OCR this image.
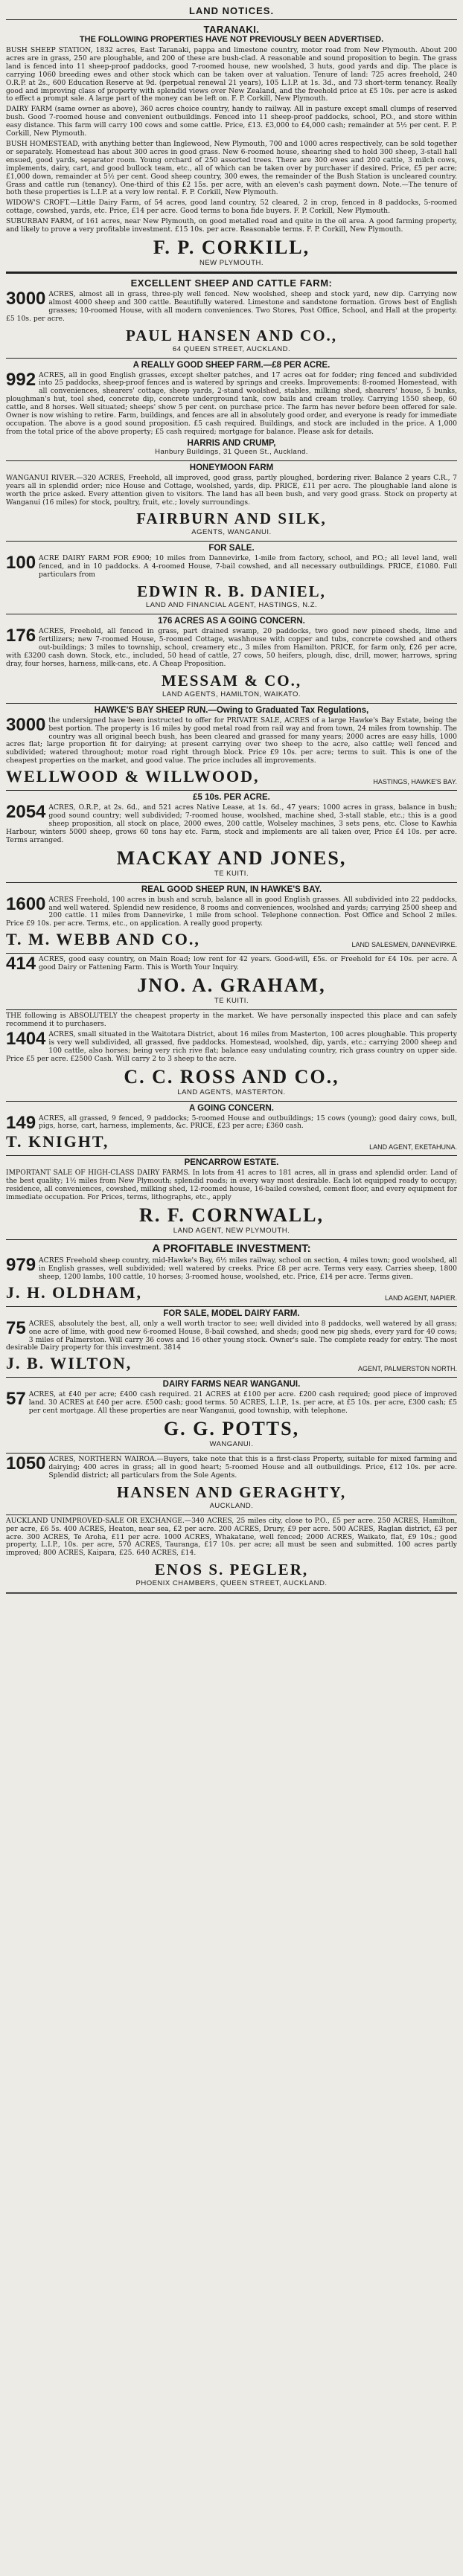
LAND NOTICES.
TARANAKI.
THE FOLLOWING PROPERTIES HAVE NOT PREVIOUSLY BEEN ADVERTISED.

BUSH SHEEP STATION, 1832 acres, East Taranaki, pappa and limestone country, motor road from New Plymouth. About 200 acres are in grass, 250 are ploughable, and 200 of these are bush-clad. A reasonable and sound proposition to begin. The grass land is fenced into 11 sheep-proof paddocks, good 7-roomed house, new woolshed, 3 huts, good yards and dip. The place is carrying 1060 breeding ewes and other stock which can be taken over at valuation. Tenure of land: 725 acres freehold, 240 O.R.P. at 2s., 600 Education Reserve at 9d. (perpetual renewal 21 years), 105 L.I.P. at 1s. 3d., and 73 short-term tenancy. Really good and improving class of property with splendid views over New Zealand, and the freehold price at £5 10s. per acre is asked to effect a prompt sale. A large part of the money can be left on. F. P. Corkill, New Plymouth.

DAIRY FARM (same owner as above), 360 acres choice country, handy to railway. All in pasture except small clumps of reserved bush. Good 7-roomed house and convenient outbuildings. Fenced into 11 sheep-proof paddocks, school, P.O., and store within easy distance. This farm will carry 100 cows and some cattle. Price, £13. £3,000 to £4,000 cash; remainder at 5½ per cent. F. P. Corkill, New Plymouth.

BUSH HOMESTEAD, with anything better than Inglewood, New Plymouth, 700 and 1000 acres respectively, can be sold together or separately. Homestead has about 300 acres in good grass. New 6-roomed house, shearing shed to hold 300 sheep, 3-stall hall ensued, good yards, separator room. Young orchard of 250 assorted trees. There are 300 ewes and 200 cattle, 3 milch cows, implements, dairy, cart, and good bullock team, etc., all of which can be taken over by purchaser if desired. Price, £5 per acre; £1,000 down, remainder at 5½ per cent. Good sheep country, 300 ewes, the remainder of the Bush Station is uncleared country. Grass and cattle run (tenancy). One-third of this £2 15s. per acre, with an eleven's cash payment down. Note.—The tenure of both these properties is L.I.P. at a very low rental. F. P. Corkill, New Plymouth.

WIDOW'S CROFT.—Little Dairy Farm, of 54 acres, good land country, 52 cleared, 2 in crop, fenced in 8 paddocks, 5-roomed cottage, cowshed, yards, etc. Price, £14 per acre. Good terms to bona fide buyers. F. P. Corkill, New Plymouth.

SUBURBAN FARM, of 161 acres, near New Plymouth, on good metalled road and quite in the oil area. A good farming property, and likely to prove a very profitable investment. £15 10s. per acre. Reasonable terms. F. P. Corkill, New Plymouth.

F. P. CORKILL,
NEW PLYMOUTH.
EXCELLENT SHEEP AND CATTLE FARM:

3000 ACRES, almost all in grass, three-ply well fenced. New woolshed, sheep and stock yard, new dip. Carrying now almost 4000 sheep and 300 cattle. Beautifully watered. Limestone and sandstone formation. Grows best of English grasses; 10-roomed House, with all modern conveniences. Two Stores, Post Office, School, and Hall at the property. £5 10s. per acre.

PAUL HANSEN AND CO.,
64 QUEEN STREET, AUCKLAND.
A REALLY GOOD SHEEP FARM.—£8 PER ACRE.

992 ACRES, all in good English grasses, except shelter patches, and 17 acres oat for fodder; ring fenced and subdivided into 25 paddocks, sheep-proof fences and is watered by springs and creeks. Improvements: 8-roomed Homestead, with all conveniences, shearers' cottage, sheep yards, 2-stand woolshed, stables, milking shed, shearers' house, 5 bunks, ploughman's hut, tool shed, concrete dip, concrete underground tank, cow bails and cream trolley. Carrying 1550 sheep, 60 cattle, and 8 horses. Well situated; sheeps' show 5 per cent. on purchase price. The farm has never before been offered for sale. Owner is now wishing to retire. Farm, buildings, and fences are all in absolutely good order, and everyone is ready for immediate occupation. The above is a good sound proposition. £5 cash required. Buildings, and stock are included in the price. A 1,000 from the total price of the above property; £5 cash required; mortgage for balance. Please ask for details.

HARRIS AND CRUMP,
Hanbury Buildings, 31 Queen St., Auckland.
HONEYMOON FARM

WANGANUI RIVER.—320 ACRES, Freehold, all improved, good grass, partly ploughed, bordering river. Balance 2 years C.R., 7 years all in splendid order; nice House and Cottage, woolshed, yards, dip. PRICE, £11 per acre. The ploughable land alone is worth the price asked. Every attention given to visitors. The land has all been bush, and very good grass. Stock on property at Wanganui (16 miles) for stock, poultry, fruit, etc.; lovely surroundings.

FAIRBURN AND SILK,
AGENTS, WANGANUI.
FOR SALE.

100 ACRE DAIRY FARM FOR £900; 10 miles from Dannevirke, 1-mile from factory, school, and P.O.; all level land, well fenced, and in 10 paddocks. A 4-roomed House, 7-bail cowshed, and all necessary outbuildings. PRICE, £1080. Full particulars from

EDWIN R. B. DANIEL,
LAND AND FINANCIAL AGENT, HASTINGS, N.Z.
176 ACRES AS A GOING CONCERN.

176 ACRES, Freehold, all fenced in grass, part drained swamp, 20 paddocks, two good new pineed sheds, lime and fertilizers; new 7-roomed House, 5-roomed Cottage, washhouse with copper and tubs, concrete cowshed and others out-buildings; 3 miles to township, school, creamery etc., 3 miles from Hamilton. PRICE, for farm only, £26 per acre, with £3200 cash down. Stock, etc., included, 50 head of cattle, 27 cows, 50 heifers, plough, disc, drill, mower, harrows, spring dray, four horses, harness, milk-cans, etc. A Cheap Proposition.

MESSAM & CO.,
LAND AGENTS, HAMILTON, WAIKATO.
HAWKE'S BAY SHEEP RUN.—Owing to Graduated Tax Regulations,

3000 the undersigned have been instructed to offer for PRIVATE SALE, ACRES of a large Hawke's Bay Estate, being the best portion. The property is 16 miles by good metal road from rail way and from town, 24 miles from township. The country was all original beech bush, has been cleared and grassed for many years; 2000 acres are easy hills, 1000 acres flat; large proportion fit for dairying; at present carrying over two sheep to the acre, also cattle; well fenced and subdivided; watered throughout; motor road right through block. Price £9 10s. per acre; terms to suit. This is one of the cheapest properties on the market, and good value. The price includes all improvements.

WELLWOOD & WILLWOOD,	HASTINGS, HAWKE'S BAY.
£5 10s. PER ACRE.

2054 ACRES, O.R.P., at 2s. 6d., and 521 acres Native Lease, at 1s. 6d., 47 years; 1000 acres in grass, balance in bush; good sound country; well subdivided; 7-roomed house, woolshed, machine shed, 3-stall stable, etc.; this is a good sheep proposition, all stock on place, 2000 ewes, 200 cattle, Wolseley machines, 3 sets pens, etc. Close to Kawhia Harbour, winters 5000 sheep, grows 60 tons hay etc. Farm, stock and implements are all taken over, Price £4 10s. per acre. Terms arranged.

MACKAY AND JONES,
TE KUITI.
REAL GOOD SHEEP RUN, IN HAWKE'S BAY.

1600 ACRES Freehold, 100 acres in bush and scrub, balance all in good English grasses. All subdivided into 22 paddocks, and well watered. Splendid new residence, 8 rooms and conveniences, woolshed and yards; carrying 2500 sheep and 200 cattle. 11 miles from Dannevirke, 1 mile from school. Telephone connection. Post Office and School 2 miles. Price £9 10s. per acre. Terms, etc., on application. A really good property.

T. M. WEBB AND CO.,	LAND SALESMEN, DANNEVIRKE.

414 ACRES, good easy country, on Main Road; low rent for 42 years. Good-will, £5s. or Freehold for £4 10s. per acre. A good Dairy or Fattening Farm. This is Worth Your Inquiry.

JNO. A. GRAHAM,
TE KUITI.

THE following is ABSOLUTELY the cheapest property in the market. We have personally inspected this place and can safely recommend it to purchasers.

1404 ACRES, small situated in the Waitotara District, about 16 miles from Masterton, 100 acres ploughable. This property is very well subdivided, all grassed, five paddocks. Homestead, woolshed, dip, yards, etc.; carrying 2000 sheep and 100 cattle, also horses; being very rich rive flat; balance easy undulating country, rich grass country on upper side. Price £5 per acre. £2500 Cash. Will carry 2 to 3 sheep to the acre.

C. C. ROSS AND CO.,
LAND AGENTS, MASTERTON.
A GOING CONCERN.

149 ACRES, all grassed, 9 fenced, 9 paddocks; 5-roomed House and outbuildings; 15 cows (young); good dairy cows, bull, pigs, horse, cart, harness, implements, &c. PRICE, £23 per acre; £360 cash.

T. KNIGHT,	LAND AGENT, EKETAHUNA.
PENCARROW ESTATE.

IMPORTANT SALE OF HIGH-CLASS DAIRY FARMS. In lots from 41 acres to 181 acres, all in grass and splendid order. Land of the best quality; 1½ miles from New Plymouth; splendid roads; in every way most desirable. Each lot equipped ready to occupy; residence, all conveniences, cowshed, milking shed, 12-roomed house, 16-bailed cowshed, cement floor, and every equipment for immediate occupation. For Prices, terms, lithographs, etc., apply

R. F. CORNWALL,
LAND AGENT, NEW PLYMOUTH.
A PROFITABLE INVESTMENT:

979 ACRES Freehold sheep country, mid-Hawke's Bay, 6½ miles railway, school on section, 4 miles town; good woolshed, all in English grasses, well subdivided; well watered by creeks. Price £8 per acre. Terms very easy. Carries sheep, 1800 sheep, 1200 lambs, 100 cattle, 10 horses; 3-roomed house, woolshed, etc. Price, £14 per acre. Terms given.

J. H. OLDHAM,	LAND AGENT, NAPIER.
FOR SALE, MODEL DAIRY FARM.

75 ACRES, absolutely the best, all, only a well worth tractor to see; well divided into 8 paddocks, well watered by all grass; one acre of lime, with good new 6-roomed House, 8-bail cowshed, and sheds; good new pig sheds, every yard for 40 cows; 3 miles of Palmerston. Will carry 36 cows and 16 other young stock. Owner's sale. The complete ready for entry. The most desirable Dairy property for this investment. 3814

J. B. WILTON,	AGENT, PALMERSTON NORTH.
DAIRY FARMS NEAR WANGANUI.

57 ACRES, at £40 per acre; £400 cash required. 21 ACRES at £100 per acre. £200 cash required; good piece of improved land. 30 ACRES at £40 per acre. £500 cash; good terms. 50 ACRES, L.I.P., 1s. per acre, at £5 10s. per acre, £300 cash; £5 per cent mortgage. All these properties are near Wanganui, good township, with telephone.

G. G. POTTS,
WANGANUI.

1050 ACRES, NORTHERN WAIROA.—Buyers, take note that this is a first-class Property, suitable for mixed farming and dairying; 400 acres in grass; all in good heart; 5-roomed House and all outbuildings. Price, £12 10s. per acre. Splendid district; all particulars from the Sole Agents.

HANSEN AND GERAGHTY,
AUCKLAND.

AUCKLAND UNIMPROVED-SALE OR EXCHANGE.—340 ACRES, 25 miles city, close to P.O., £5 per acre. 250 ACRES, Hamilton, per acre, £6 5s. 400 ACRES, Heaton, near sea, £2 per acre. 200 ACRES, Drury, £9 per acre. 500 ACRES, Raglan district, £3 per acre. 300 ACRES, Te Aroha, £11 per acre. 1000 ACRES, Whakatane, well fenced; 2000 ACRES, Waikato, flat, £9 10s.; good property, L.I.P., 10s. per acre, 570 ACRES, Tauranga, £17 10s. per acre; all must be seen and submitted. 100 acres partly improved; 800 ACRES, Kaipara, £25. 640 ACRES, £14.

ENOS S. PEGLER,
PHOENIX CHAMBERS, QUEEN STREET, AUCKLAND.
